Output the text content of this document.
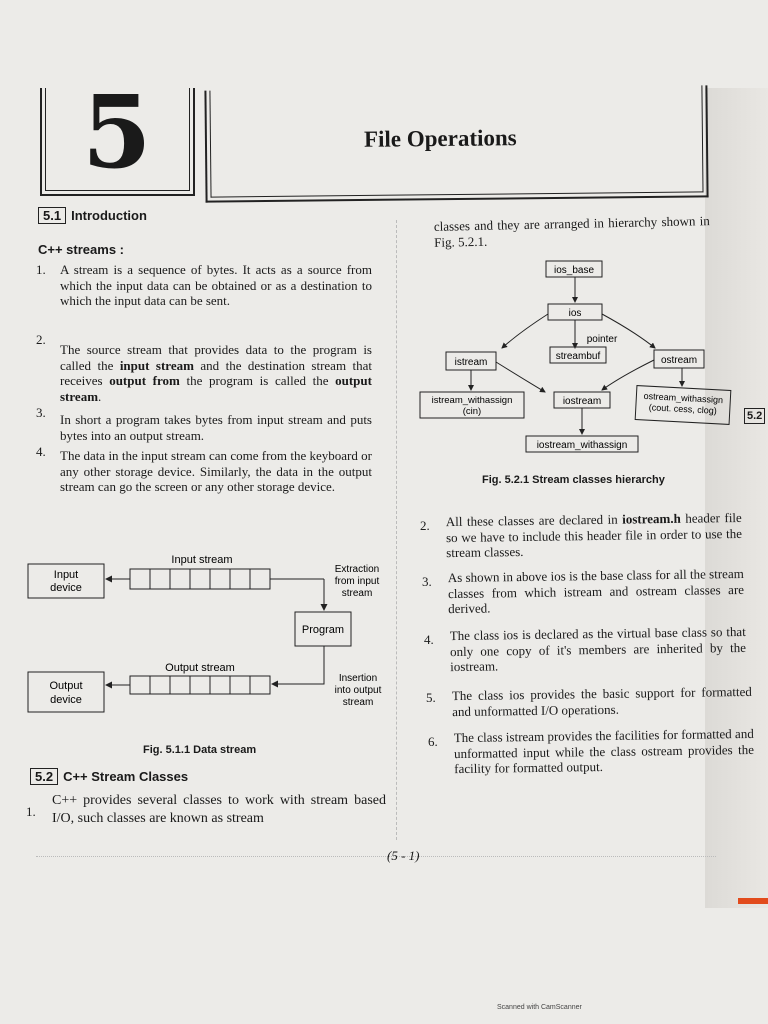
5	File Operations
5.1 Introduction
C++ streams :
1. A stream is a sequence of bytes. It acts as a source from which the input data can be obtained or as a destination to which the input data can be sent.
2.
The source stream that provides data to the program is called the input stream and the destination stream that receives output from the program is called the output stream.
3. In short a program takes bytes from input stream and puts bytes into an output stream.
4. The data in the input stream can come from the keyboard or any other storage device. Similarly, the data in the output stream can go the screen or any other storage device.
Input
device
Input stream
Extraction
from input
stream
Program
Output stream
Output
device
Insertion
into output
stream
Fig. 5.1.1 Data stream
5.2 C++ Stream Classes
1.
C++ provides several classes to work with stream based I/O, such classes are known as stream
classes and they are arranged in hierarchy shown in Fig. 5.2.1.
5.2
ios_base
ios
pointer
streambuf
istream	ostream
istream_withassign
(cin)
iostream	ostream_withassign
(cout. cess, clog)
iostream_withassign
Fig. 5.2.1 Stream classes hierarchy
2. All these classes are declared in iostream.h header file so we have to include this header file in order to use the stream classes.
3. As shown in above ios is the base class for all the stream classes from which istream and ostream classes are derived.
4. The class ios is declared as the virtual base class so that only one copy of it's members are inherited by the iostream.
5. The class ios provides the basic support for formatted and unformatted I/O operations.
6. The class istream provides the facilities for formatted and unformatted input while the class ostream provides the facility for formatted output.
(5 - 1)
Scanned with CamScanner
